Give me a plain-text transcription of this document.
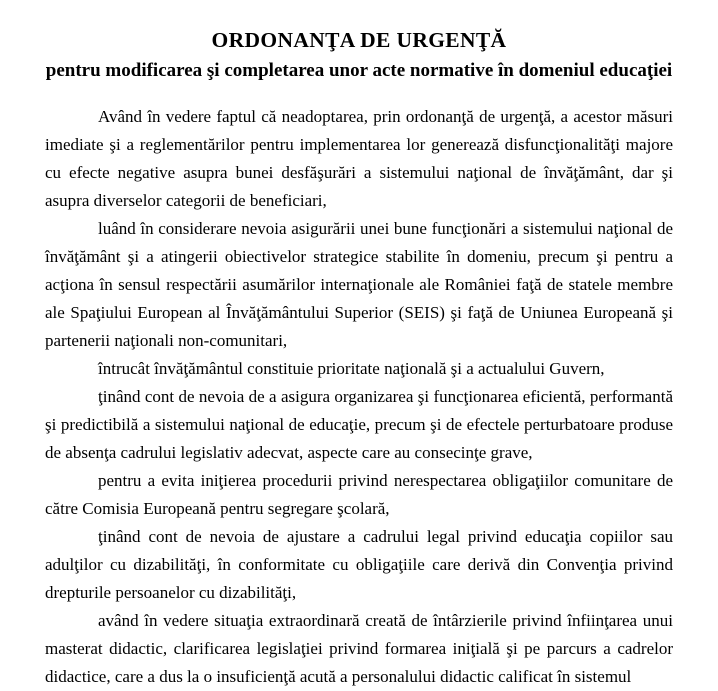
ORDONANŢA DE URGENŢĂ
pentru modificarea şi completarea unor acte normative în domeniul educaţiei

Având în vedere faptul că neadoptarea, prin ordonanţă de urgenţă, a acestor măsuri imediate şi a reglementărilor pentru implementarea lor generează disfuncţionalităţi majore cu efecte negative asupra bunei desfăşurări a sistemului naţional de învăţământ, dar şi asupra diverselor categorii de beneficiari,

luând în considerare nevoia asigurării unei bune funcţionări a sistemului naţional de învăţământ şi a atingerii obiectivelor strategice stabilite în domeniu, precum şi pentru a acţiona în sensul respectării asumărilor internaţionale ale României faţă de statele membre ale Spaţiului European al Învăţământului Superior (SEIS) şi faţă de Uniunea Europeană şi partenerii naţionali non-comunitari,

întrucât învăţământul constituie prioritate naţională şi a actualului Guvern,

ţinând cont de nevoia de a asigura organizarea şi funcţionarea eficientă, performantă şi predictibilă a sistemului naţional de educaţie, precum şi de efectele perturbatoare produse de absenţa cadrului legislativ adecvat, aspecte care au consecinţe grave,

pentru a evita iniţierea procedurii privind nerespectarea obligaţiilor comunitare de către Comisia Europeană pentru segregare şcolară,

ţinând cont de nevoia de ajustare a cadrului legal privind educaţia copiilor sau adulţilor cu dizabilităţi, în conformitate cu obligaţiile care derivă din Convenţia privind drepturile persoanelor cu dizabilităţi,

având în vedere situaţia extraordinară creată de întârzierile privind înfiinţarea unui masterat didactic, clarificarea legislaţiei privind formarea iniţială şi pe parcurs a cadrelor didactice, care a dus la o insuficienţă acută a personalului didactic calificat în sistemul
